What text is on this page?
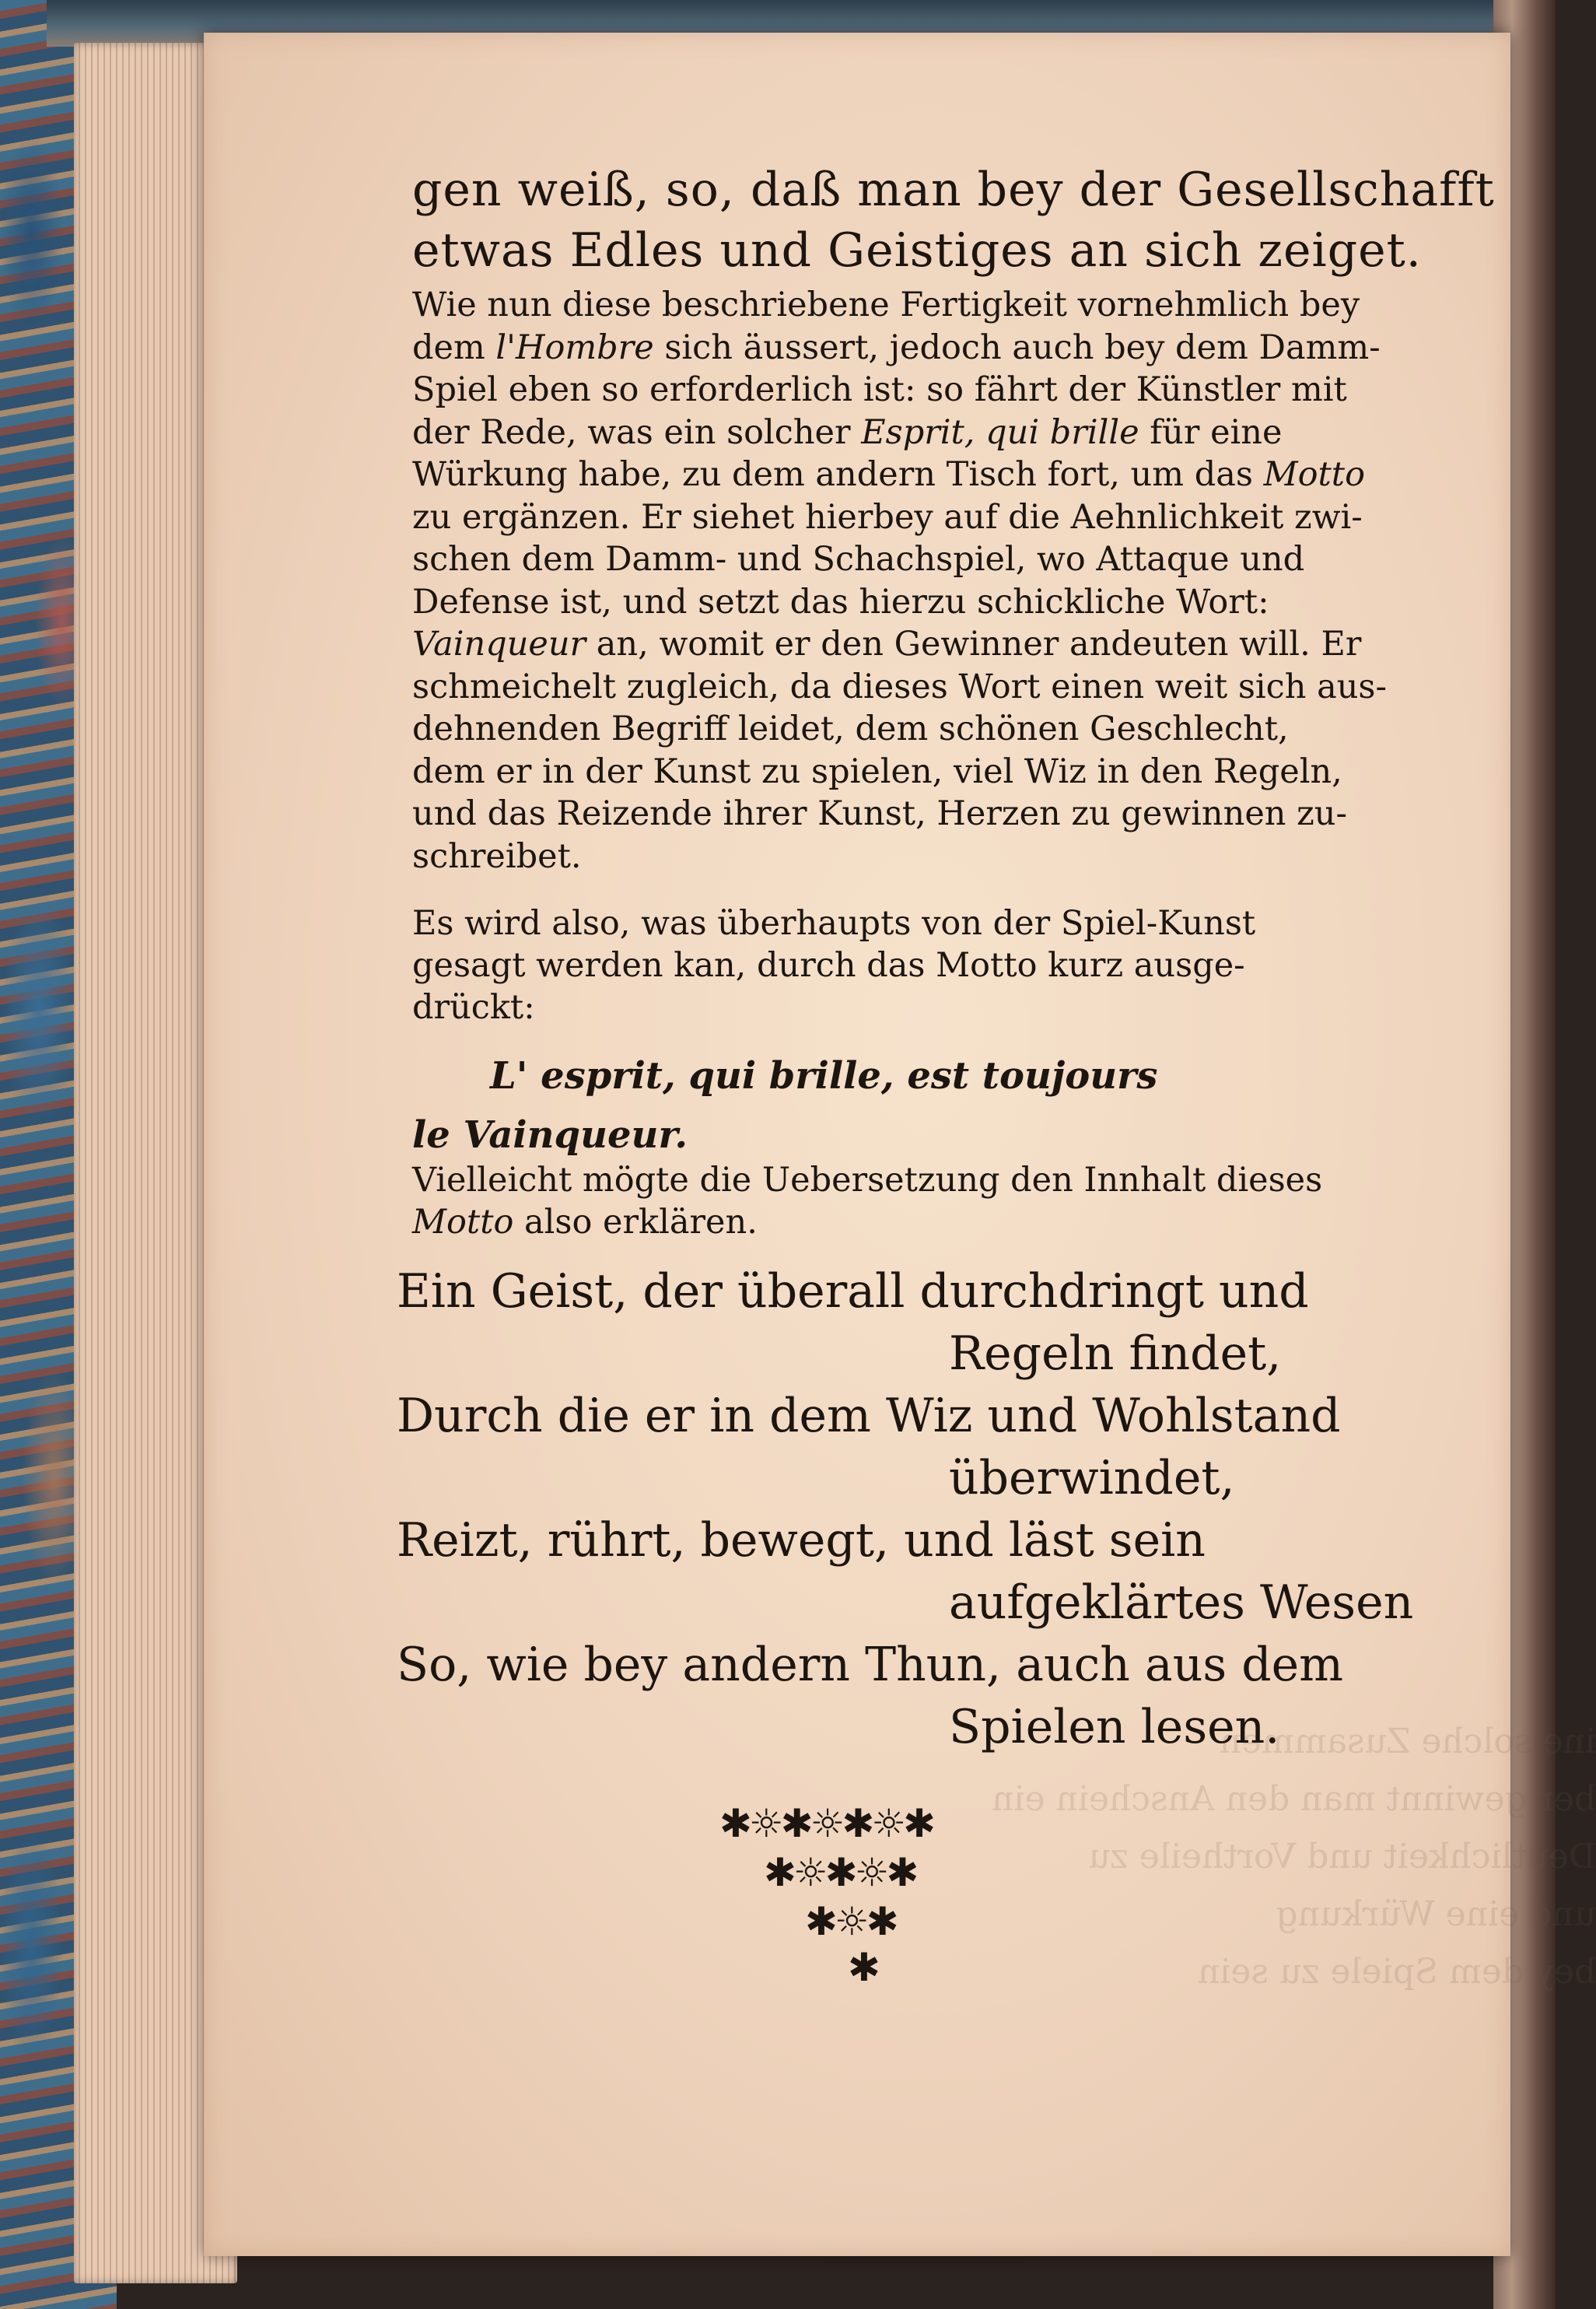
ine solche Zusammen
ber gewinnt man den Anschein ein
Deutlichkeit und Vortheile zu
und eine Würkung
bey dem Spiele zu sein
gen weiß, so, daß man bey der Gesellschafft
etwas Edles und Geistiges an sich zeiget.
Wie nun diese beschriebene Fertigkeit vornehmlich bey
dem l'Hombre sich äussert, jedoch auch bey dem Damm-
Spiel eben so erforderlich ist: so fährt der Künstler mit
der Rede, was ein solcher Esprit, qui brille für eine
Würkung habe, zu dem andern Tisch fort, um das Motto
zu ergänzen. Er siehet hierbey auf die Aehnlichkeit zwi-
schen dem Damm- und Schachspiel, wo Attaque und
Defense ist, und setzt das hierzu schickliche Wort:
Vainqueur an, womit er den Gewinner andeuten will. Er
schmeichelt zugleich, da dieses Wort einen weit sich aus-
dehnenden Begriff leidet, dem schönen Geschlecht,
dem er in der Kunst zu spielen, viel Wiz in den Regeln,
und das Reizende ihrer Kunst, Herzen zu gewinnen zu-
schreibet.
Es wird also, was überhaupts von der Spiel-Kunst
gesagt werden kan, durch das Motto kurz ausge-
drückt:
L' esprit, qui brille, est toujours
le Vainqueur.
Vielleicht mögte die Uebersetzung den Innhalt dieses
Motto also erklären.
Ein Geist, der überall durchdringt und
Regeln findet,
Durch die er in dem Wiz und Wohlstand
überwindet,
Reizt, rührt, bewegt, und läst sein
aufgeklärtes Wesen
So, wie bey andern Thun, auch aus dem
Spielen lesen.
✱☼✱☼✱☼✱
✱☼✱☼✱
✱☼✱
✱
